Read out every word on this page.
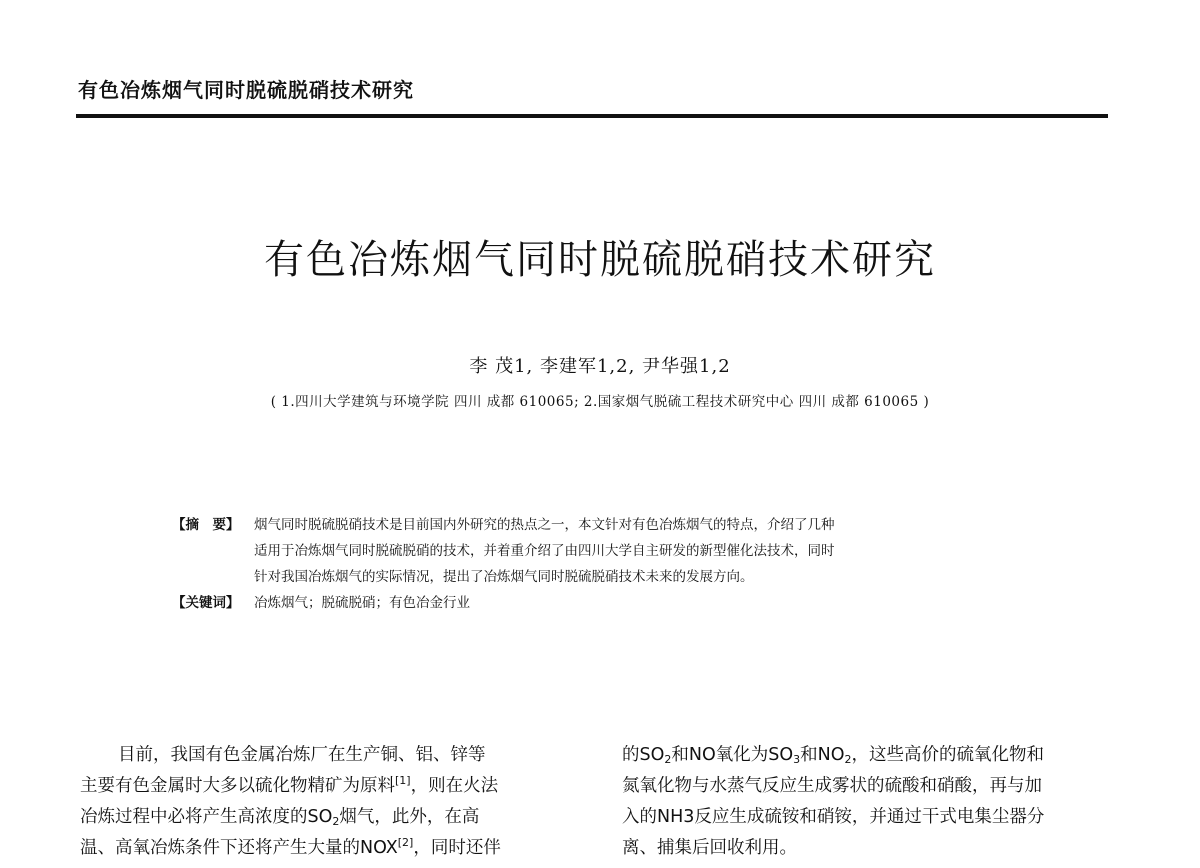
有色冶炼烟气同时脱硫脱硝技术研究
有色冶炼烟气同时脱硫脱硝技术研究
李 茂1, 李建军1,2, 尹华强1,2
( 1.四川大学建筑与环境学院 四川 成都 610065; 2.国家烟气脱硫工程技术研究中心 四川 成都 610065 )
【摘　要】	烟气同时脱硫脱硝技术是目前国内外研究的热点之一，本文针对有色冶炼烟气的特点，介绍了几种
适用于冶炼烟气同时脱硫脱硝的技术，并着重介绍了由四川大学自主研发的新型催化法技术，同时
针对我国冶炼烟气的实际情况，提出了冶炼烟气同时脱硫脱硝技术未来的发展方向。
【关键词】	冶炼烟气；脱硫脱硝；有色冶金行业
目前，我国有色金属冶炼厂在生产铜、铝、锌等
主要有色金属时大多以硫化物精矿为原料[1]，则在火法
冶炼过程中必将产生高浓度的$SO_2$烟气，此外，在高
温、高氧冶炼条件下还将产生大量的NOX[2]，同时还伴
的$SO_2$和NO氧化为$SO_3$和$NO_2$，这些高价的硫氧化物和
氮氧化物与水蒸气反应生成雾状的硫酸和硝酸，再与加
入的NH3反应生成硫铵和硝铵，并通过干式电集尘器分
离、捕集后回收利用。
